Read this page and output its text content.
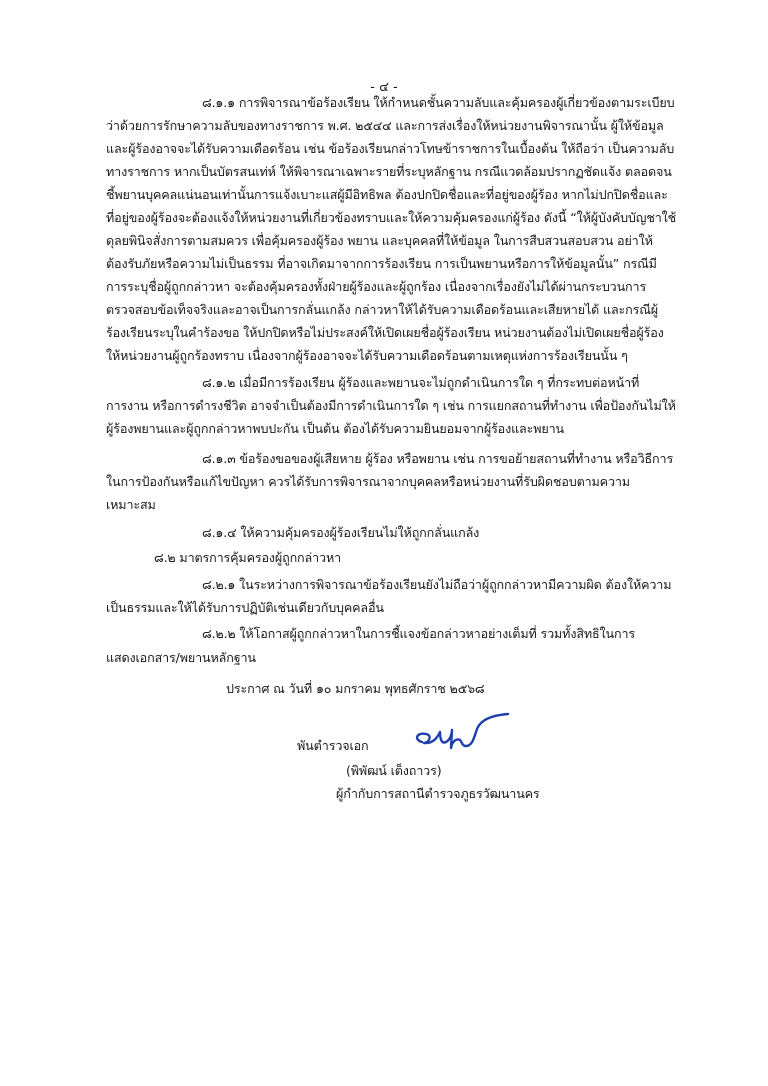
- ๔ -
๘.๑.๑ การพิจารณาข้อร้องเรียน ให้กำหนดชั้นความลับและคุ้มครองผู้เกี่ยวข้องตามระเบียบ
ว่าด้วยการรักษาความลับของทางราชการ พ.ศ. ๒๕๔๔ และการส่งเรื่องให้หน่วยงานพิจารณานั้น ผู้ให้ข้อมูล
และผู้ร้องอาจจะได้รับความเดือดร้อน เช่น ข้อร้องเรียนกล่าวโทษข้าราชการในเบื้องต้น ให้ถือว่า เป็นความลับ
ทางราชการ หากเป็นบัตรสนเท่ห์ ให้พิจารณาเฉพาะรายที่ระบุหลักฐาน กรณีแวดล้อมปรากฏชัดแจ้ง ตลอดจน
ชี้พยานบุคคลแน่นอนเท่านั้นการแจ้งเบาะแสผู้มีอิทธิพล ต้องปกปิดชื่อและที่อยู่ของผู้ร้อง หากไม่ปกปิดชื่อและ
ที่อยู่ของผู้ร้องจะต้องแจ้งให้หน่วยงานที่เกี่ยวข้องทราบและให้ความคุ้มครองแก่ผู้ร้อง ดังนี้ “ให้ผู้บังคับบัญชาใช้
ดุลยพินิจสั่งการตามสมควร เพื่อคุ้มครองผู้ร้อง พยาน และบุคคลที่ให้ข้อมูล ในการสืบสวนสอบสวน อย่าให้
ต้องรับภัยหรือความไม่เป็นธรรม ที่อาจเกิดมาจากการร้องเรียน การเป็นพยานหรือการให้ข้อมูลนั้น” กรณีมี
การระบุชื่อผู้ถูกกล่าวหา จะต้องคุ้มครองทั้งฝ่ายผู้ร้องและผู้ถูกร้อง เนื่องจากเรื่องยังไม่ได้ผ่านกระบวนการ
ตรวจสอบข้อเท็จจริงและอาจเป็นการกลั่นแกล้ง กล่าวหาให้ได้รับความเดือดร้อนและเสียหายได้ และกรณีผู้
ร้องเรียนระบุในคำร้องขอ ให้ปกปิดหรือไม่ประสงค์ให้เปิดเผยชื่อผู้ร้องเรียน หน่วยงานต้องไม่เปิดเผยชื่อผู้ร้อง
ให้หน่วยงานผู้ถูกร้องทราบ เนื่องจากผู้ร้องอาจจะได้รับความเดือดร้อนตามเหตุแห่งการร้องเรียนนั้น ๆ
๘.๑.๒ เมื่อมีการร้องเรียน ผู้ร้องและพยานจะไม่ถูกดำเนินการใด ๆ ที่กระทบต่อหน้าที่
การงาน หรือการดำรงชีวิต อาจจำเป็นต้องมีการดำเนินการใด ๆ เช่น การแยกสถานที่ทำงาน เพื่อป้องกันไม่ให้
ผู้ร้องพยานและผู้ถูกกล่าวหาพบปะกัน เป็นต้น ต้องได้รับความยินยอมจากผู้ร้องและพยาน
๘.๑.๓ ข้อร้องขอของผู้เสียหาย ผู้ร้อง หรือพยาน เช่น การขอย้ายสถานที่ทำงาน หรือวิธีการ
ในการป้องกันหรือแก้ไขปัญหา ควรได้รับการพิจารณาจากบุคคลหรือหน่วยงานที่รับผิดชอบตามความ
เหมาะสม
๘.๑.๔ ให้ความคุ้มครองผู้ร้องเรียนไม่ให้ถูกกลั่นแกล้ง
๘.๒ มาตรการคุ้มครองผู้ถูกกล่าวหา
๘.๒.๑ ในระหว่างการพิจารณาข้อร้องเรียนยังไม่ถือว่าผู้ถูกกล่าวหามีความผิด ต้องให้ความ
เป็นธรรมและให้ได้รับการปฏิบัติเช่นเดียวกับบุคคลอื่น
๘.๒.๒ ให้โอกาสผู้ถูกกล่าวหาในการชี้แจงข้อกล่าวหาอย่างเต็มที่ รวมทั้งสิทธิในการ
แสดงเอกสาร/พยานหลักฐาน
ประกาศ ณ วันที่ ๑๐ มกราคม พุทธศักราช ๒๕๖๘
พันตำรวจเอก
(พิพัฒน์ เต็งถาวร)
ผู้กำกับการสถานีตำรวจภูธรวัฒนานคร
